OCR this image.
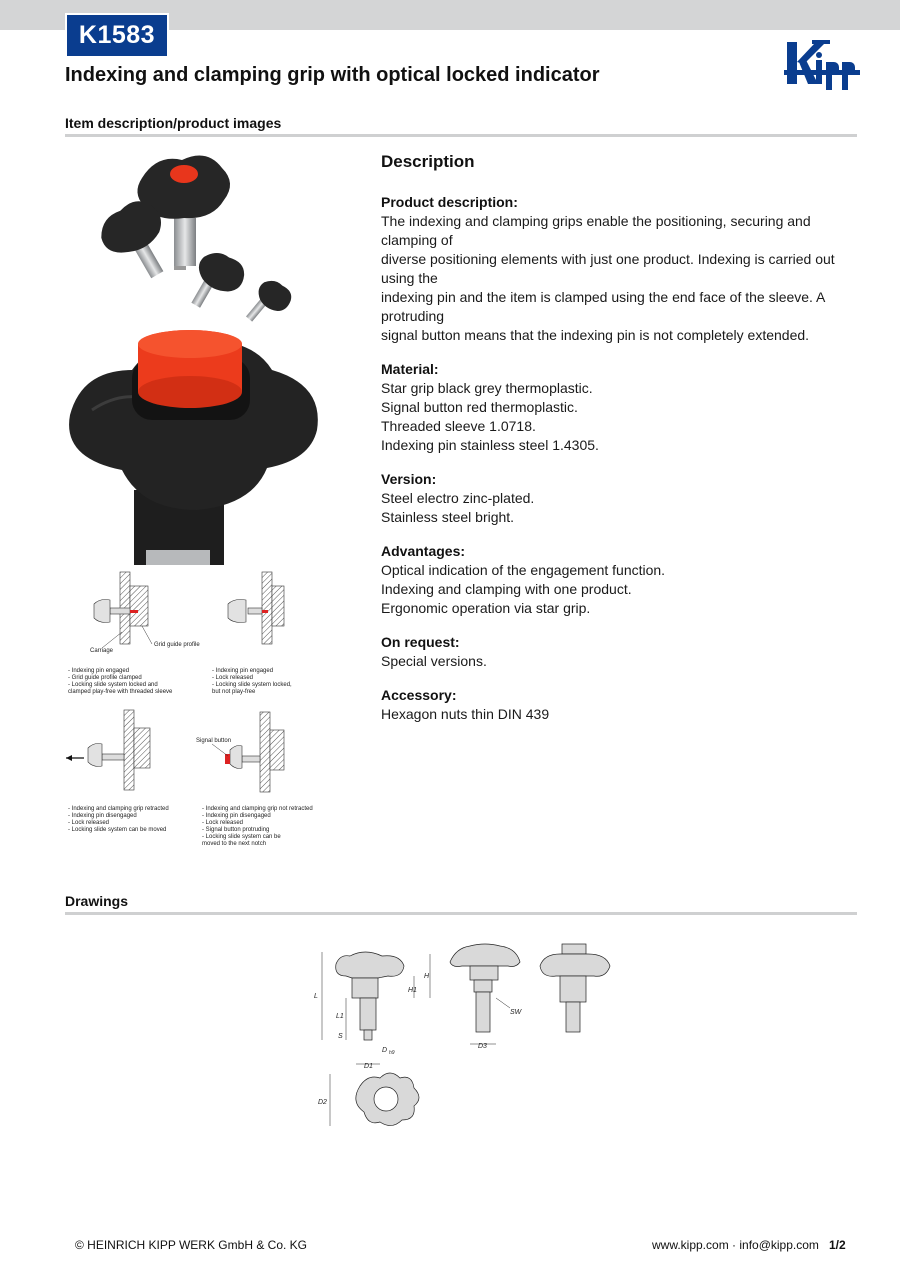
K1583
Indexing and clamping grip with optical locked indicator
Item description/product images
Carriage
Grid guide profile
- Indexing pin engaged
- Grid guide profile clamped
- Locking slide system locked and
clamped play-free with threaded sleeve
- Indexing pin engaged
- Lock released
- Locking slide system locked,
but not play-free
- Indexing and clamping grip retracted
- Indexing pin disengaged
- Lock released
- Locking slide system can be moved
Signal button
- Indexing and clamping grip not retracted
- Indexing pin disengaged
- Lock released
- Signal button protruding
- Locking slide system can be
moved to the next notch
Description
Product description:
The indexing and clamping grips enable the positioning, securing and clamping of
diverse positioning elements with just one product. Indexing is carried out using the
indexing pin and the item is clamped using the end face of the sleeve. A protruding
signal button means that the indexing pin is not completely extended.
Material:
Star grip black grey thermoplastic.
Signal button red thermoplastic.
Threaded sleeve 1.0718.
Indexing pin stainless steel 1.4305.
Version:
Steel electro zinc-plated.
Stainless steel bright.
Advantages:
Optical indication of the engagement function.
Indexing and clamping with one product.
Ergonomic operation via star grip.
On request:
Special versions.
Accessory:
Hexagon nuts thin DIN 439
Drawings
L
L1
H
H1
S
D h9
D1
D2
D3
SW
© HEINRICH KIPP WERK GmbH & Co. KG	www.kipp.com · info@kipp.com 1/2
